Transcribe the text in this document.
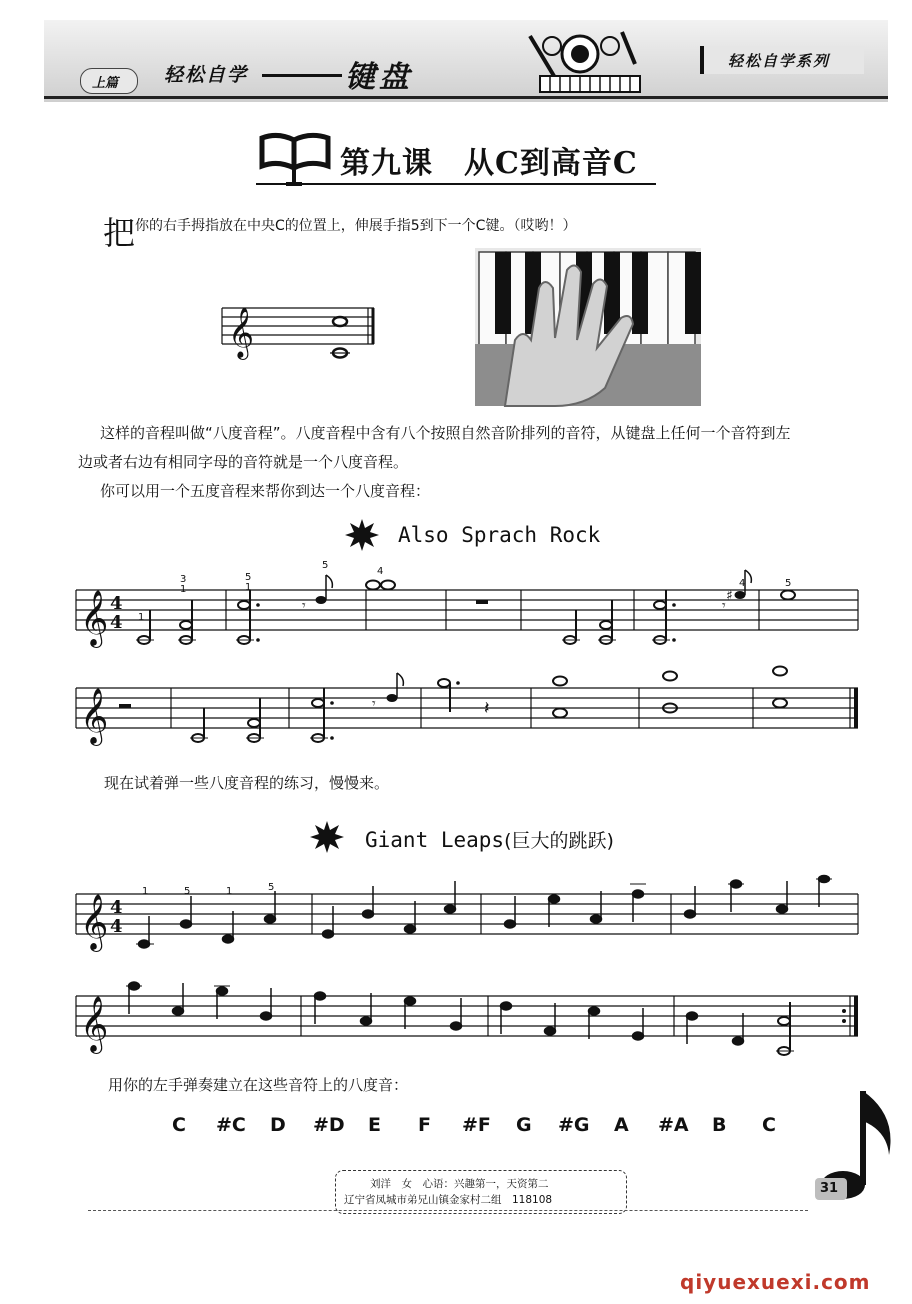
上篇 轻松自学	键盘	轻松自学系列
第九课　从C到高音C
把 你的右手拇指放在中央C的位置上，伸展手指5到下一个C键。（哎哟！）
𝄞
这样的音程叫做“八度音程”。八度音程中含有八个按照自然音阶排列的音符，从键盘上任何一个音符到左
边或者右边有相同字母的音符就是一个八度音程。
你可以用一个五度音程来帮你到达一个八度音程：
Also Sprach Rock
𝄞 4
4
𝄾	𝄾
♯
1
3
1
5
1
5
4
4	5
𝄞	𝄾	𝄽
现在试着弹一些八度音程的练习，慢慢来。
Giant Leaps(巨大的跳跃)
𝄞 4
4
1	5	1	5
𝄞
用你的左手弹奏建立在这些音符上的八度音：
C #C D #D E F #F G #G A #A B C
刘洋　女　心语：兴趣第一，天资第二
辽宁省凤城市弟兄山镇金家村二组　118108
31
qiyuexuexi.com
